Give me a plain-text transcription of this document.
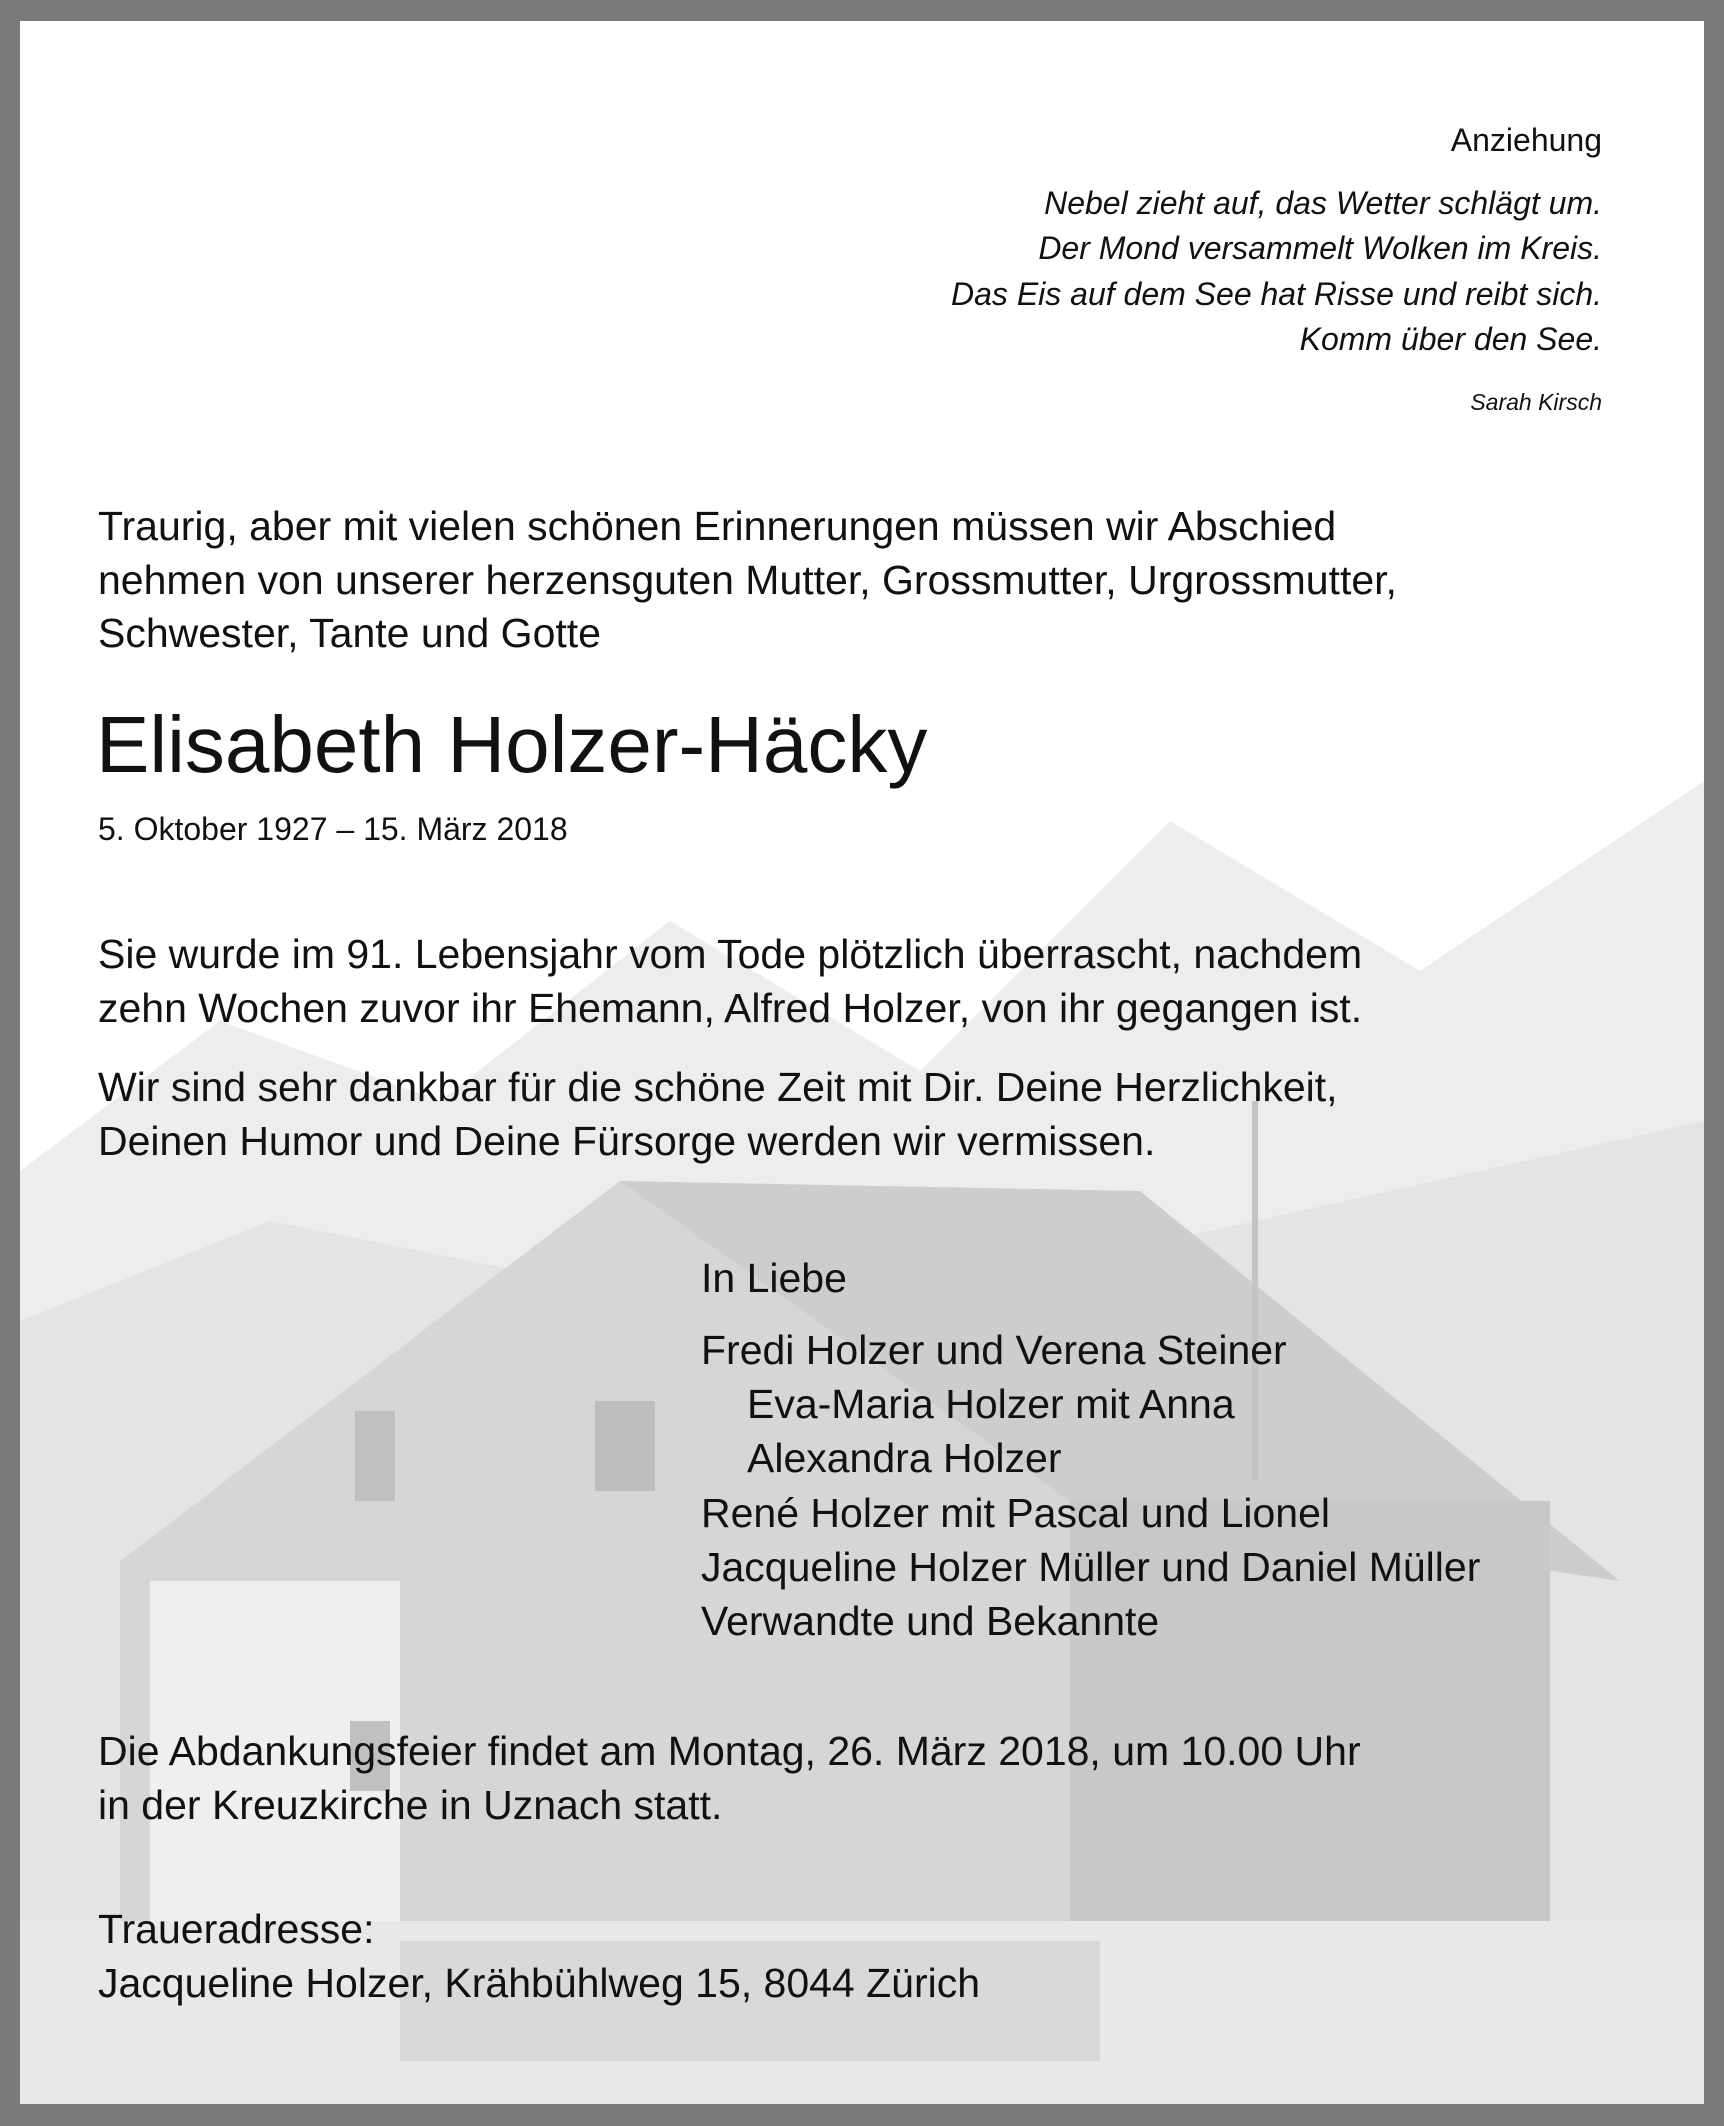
Anziehung
Nebel zieht auf, das Wetter schlägt um.
Der Mond versammelt Wolken im Kreis.
Das Eis auf dem See hat Risse und reibt sich.
Komm über den See.
Sarah Kirsch
Traurig, aber mit vielen schönen Erinnerungen müssen wir Abschied
nehmen von unserer herzensguten Mutter, Grossmutter, Urgrossmutter,
Schwester, Tante und Gotte
Elisabeth Holzer-Häcky
5. Oktober 1927 – 15. März 2018
Sie wurde im 91. Lebensjahr vom Tode plötzlich überrascht, nachdem
zehn Wochen zuvor ihr Ehemann, Alfred Holzer, von ihr gegangen ist.
Wir sind sehr dankbar für die schöne Zeit mit Dir. Deine Herzlichkeit,
Deinen Humor und Deine Fürsorge werden wir vermissen.
In Liebe
Fredi Holzer und Verena Steiner
Eva-Maria Holzer mit Anna
Alexandra Holzer
René Holzer mit Pascal und Lionel
Jacqueline Holzer Müller und Daniel Müller
Verwandte und Bekannte
Die Abdankungsfeier findet am Montag, 26. März 2018, um 10.00 Uhr
in der Kreuzkirche in Uznach statt.
Traueradresse:
Jacqueline Holzer, Krähbühlweg 15, 8044 Zürich
